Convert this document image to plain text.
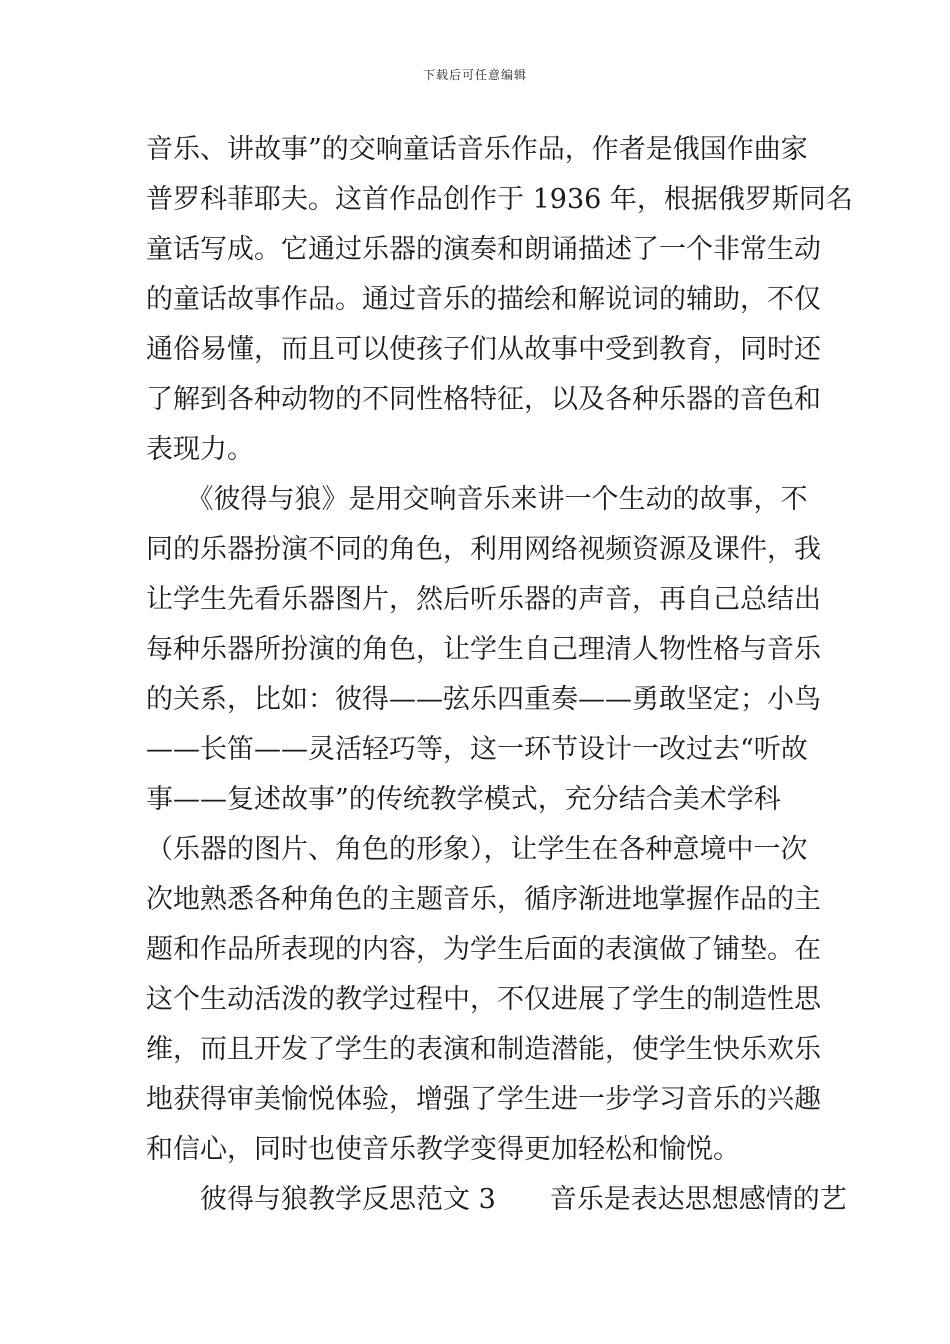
下载后可任意编辑
音乐、讲故事”的交响童话音乐作品，作者是俄国作曲家
普罗科菲耶夫。这首作品创作于 1936 年，根据俄罗斯同名
童话写成。它通过乐器的演奏和朗诵描述了一个非常生动
的童话故事作品。通过音乐的描绘和解说词的辅助，不仅
通俗易懂，而且可以使孩子们从故事中受到教育，同时还
了解到各种动物的不同性格特征，以及各种乐器的音色和
表现力。
　　《彼得与狼》是用交响音乐来讲一个生动的故事，不
同的乐器扮演不同的角色，利用网络视频资源及课件，我
让学生先看乐器图片，然后听乐器的声音，再自己总结出
每种乐器所扮演的角色，让学生自己理清人物性格与音乐
的关系，比如：彼得——弦乐四重奏——勇敢坚定；小鸟
——长笛——灵活轻巧等，这一环节设计一改过去“听故
事——复述故事”的传统教学模式，充分结合美术学科
（乐器的图片、角色的形象），让学生在各种意境中一次
次地熟悉各种角色的主题音乐，循序渐进地掌握作品的主
题和作品所表现的内容，为学生后面的表演做了铺垫。在
这个生动活泼的教学过程中，不仅进展了学生的制造性思
维，而且开发了学生的表演和制造潜能，使学生快乐欢乐
地获得审美愉悦体验，增强了学生进一步学习音乐的兴趣
和信心，同时也使音乐教学变得更加轻松和愉悦。
　　彼得与狼教学反思范文 3　　音乐是表达思想感情的艺
